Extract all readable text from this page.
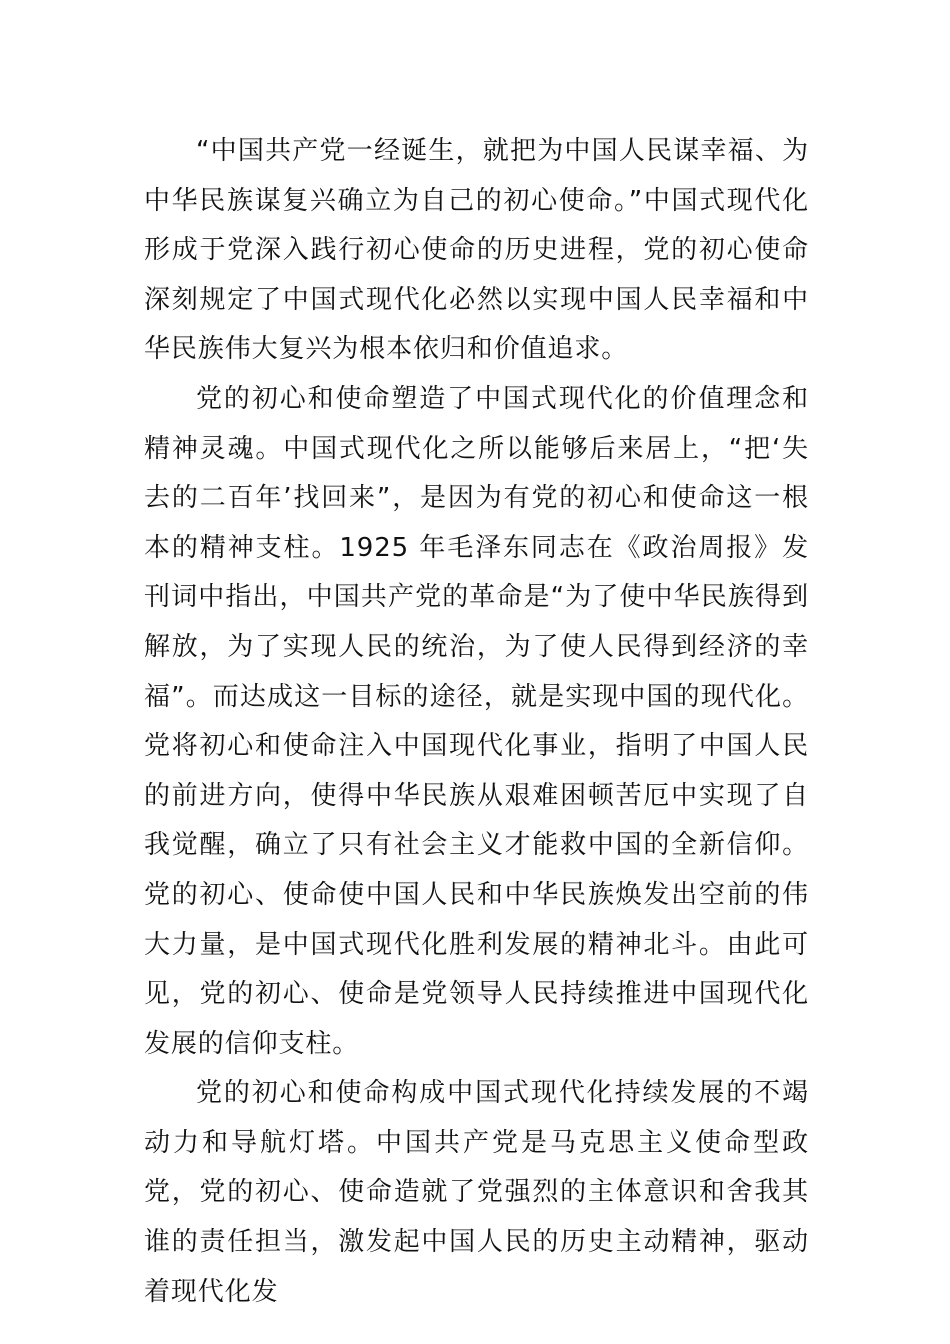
“中国共产党一经诞生，就把为中国人民谋幸福、为中华民族谋复兴确立为自己的初心使命。”中国式现代化形成于党深入践行初心使命的历史进程，党的初心使命深刻规定了中国式现代化必然以实现中国人民幸福和中华民族伟大复兴为根本依归和价值追求。

党的初心和使命塑造了中国式现代化的价值理念和精神灵魂。中国式现代化之所以能够后来居上，“把‘失去的二百年’找回来”，是因为有党的初心和使命这一根本的精神支柱。1925 年毛泽东同志在《政治周报》发刊词中指出，中国共产党的革命是“为了使中华民族得到解放，为了实现人民的统治，为了使人民得到经济的幸福”。而达成这一目标的途径，就是实现中国的现代化。党将初心和使命注入中国现代化事业，指明了中国人民的前进方向，使得中华民族从艰难困顿苦厄中实现了自我觉醒，确立了只有社会主义才能救中国的全新信仰。党的初心、使命使中国人民和中华民族焕发出空前的伟大力量，是中国式现代化胜利发展的精神北斗。由此可见，党的初心、使命是党领导人民持续推进中国现代化发展的信仰支柱。

党的初心和使命构成中国式现代化持续发展的不竭动力和导航灯塔。中国共产党是马克思主义使命型政党，党的初心、使命造就了党强烈的主体意识和舍我其谁的责任担当，激发起中国人民的历史主动精神，驱动着现代化发
